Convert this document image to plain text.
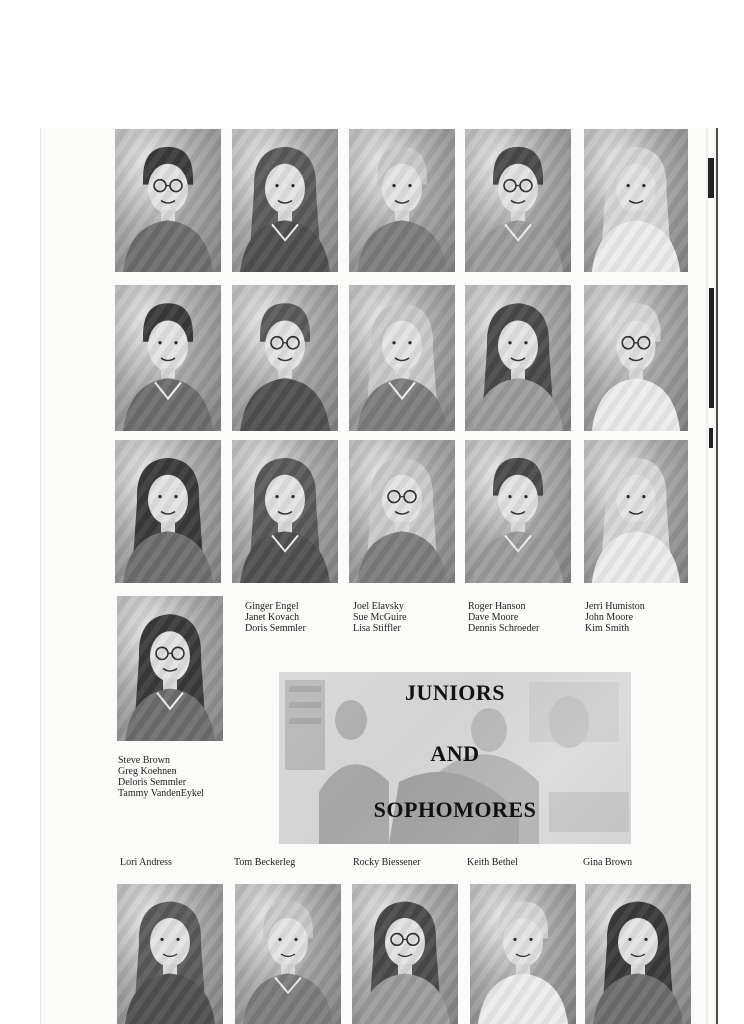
Ginger Engel
Janet Kovach
Doris Semmler
Joel Elavsky
Sue McGuire
Lisa Stiffler
Roger Hanson
Dave Moore
Dennis Schroeder
Jerri Humiston
John Moore
Kim Smith
Steve Brown
Greg Koehnen
Deloris Semmler
Tammy VandenEykel
JUNIORS
AND
SOPHOMORES
Lori Andress	Tom Beckerleg	Rocky Biessener	Keith Bethel	Gina Brown
